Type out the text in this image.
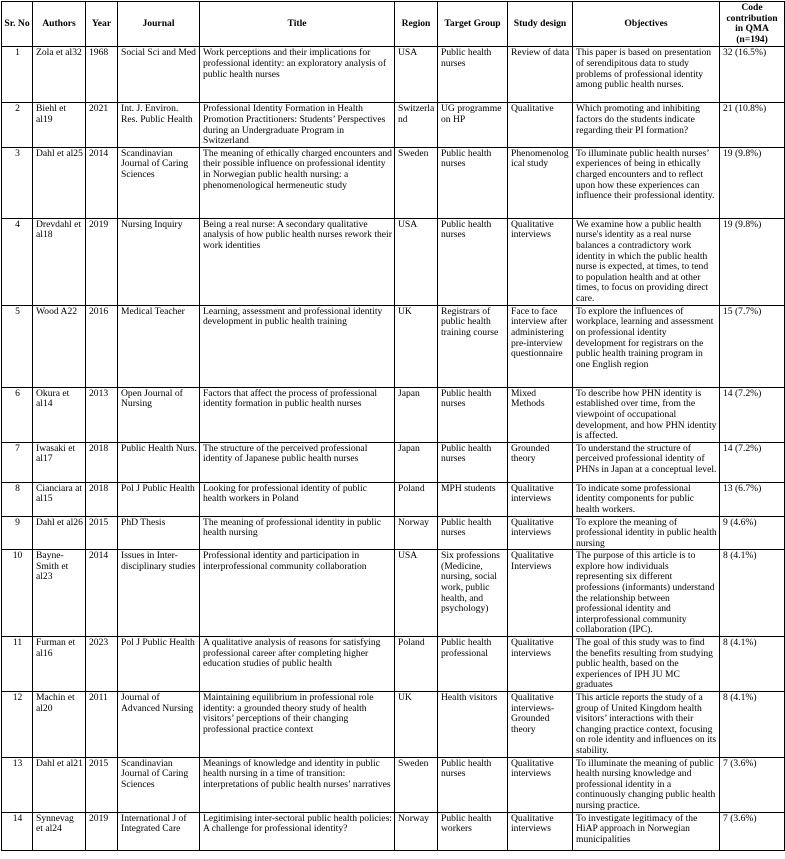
Sr. No	Authors	Year	Journal	Title	Region	Target Group	Study design	Objectives	Code contribution in QMA (n=194)
1	Zola et al32	1968	Social Sci and Med	Work perceptions and their implications for professional identity: an exploratory analysis of public health nurses	USA	Public health nurses	Review of data	This paper is based on presentation of serendipitous data to study problems of professional identity among public health nurses.	32 (16.5%)
2	Biehl et al19	2021	Int. J. Environ. Res. Public Health	Professional Identity Formation in Health Promotion Practitioners: Students’ Perspectives during an Undergraduate Program in Switzerland	Switzerland	UG programme on HP	Qualitative	Which promoting and inhibiting factors do the students indicate regarding their PI formation?	21 (10.8%)
3	Dahl et al25	2014	Scandinavian Journal of Caring Sciences	The meaning of ethically charged encounters and their possible influence on professional identity in Norwegian public health nursing: a phenomenological hermeneutic study	Sweden	Public health nurses	Phenomenological study	To illuminate public health nurses’ experiences of being in ethically charged encounters and to reflect upon how these experiences can influence their professional identity.	19 (9.8%)
4	Drevdahl et al18	2019	Nursing Inquiry	Being a real nurse: A secondary qualitative analysis of how public health nurses rework their work identities	USA	Public health nurses	Qualitative interviews	We examine how a public health nurse's identity as a real nurse balances a contradictory work identity in which the public health nurse is expected, at times, to tend to population health and at other times, to focus on providing direct care.	19 (9.8%)
5	Wood A22	2016	Medical Teacher	Learning, assessment and professional identity development in public health training	UK	Registrars of public health training course	Face to face interview after administering pre-interview questionnaire	To explore the influences of workplace, learning and assessment on professional identity development for registrars on the public health training program in one English region	15 (7.7%)
6	Okura et al14	2013	Open Journal of Nursing	Factors that affect the process of professional identity formation in public health nurses	Japan	Public health nurses	Mixed Methods	To describe how PHN identity is established over time, from the viewpoint of occupational development, and how PHN identity is affected.	14 (7.2%)
7	Iwasaki et al17	2018	Public Health Nurs.	The structure of the perceived professional identity of Japanese public health nurses	Japan	Public health nurses	Grounded theory	To understand the structure of perceived professional identity of PHNs in Japan at a conceptual level.	14 (7.2%)
8	Cianciara at al15	2018	Pol J Public Health	Looking for professional identity of public health workers in Poland	Poland	MPH students	Qualitative interviews	To indicate some professional identity components for public health workers.	13 (6.7%)
9	Dahl et al26	2015	PhD Thesis	The meaning of professional identity in public health nursing	Norway	Public health nurses	Qualitative interviews	To explore the meaning of professional identity in public health nursing	9 (4.6%)
10	Bayne-Smith et al23	2014	Issues in Inter-disciplinary studies	Professional identity and participation in interprofessional community collaboration	USA	Six professions (Medicine, nursing, social work, public health, and psychology)	Qualitative Interviews	The purpose of this article is to explore how individuals representing six different professions (informants) understand the relationship between professional identity and interprofessional community collaboration (IPC).	8 (4.1%)
11	Furman et al16	2023	Pol J Public Health	A qualitative analysis of reasons for satisfying professional career after completing higher education studies of public health	Poland	Public health professional	Qualitative interviews	The goal of this study was to find the benefits resulting from studying public health, based on the experiences of IPH JU MC graduates	8 (4.1%)
12	Machin et al20	2011	Journal of Advanced Nursing	Maintaining equilibrium in professional role identity: a grounded theory study of health visitors’ perceptions of their changing professional practice context	UK	Health visitors	Qualitative interviews- Grounded theory	This article reports the study of a group of United Kingdom health visitors’ interactions with their changing practice context, focusing on role identity and influences on its stability.	8 (4.1%)
13	Dahl et al21	2015	Scandinavian Journal of Caring Sciences	Meanings of knowledge and identity in public health nursing in a time of transition: interpretations of public health nurses’ narratives	Sweden	Public health nurses	Qualitative interviews	To illuminate the meaning of public health nursing knowledge and professional identity in a continuously changing public health nursing practice.	7 (3.6%)
14	Synnevag et al24	2019	International J of Integrated Care	Legitimising inter-sectoral public health policies: A challenge for professional identity?	Norway	Public health workers	Qualitative interviews	To investigate legitimacy of the HiAP approach in Norwegian municipalities	7 (3.6%)
